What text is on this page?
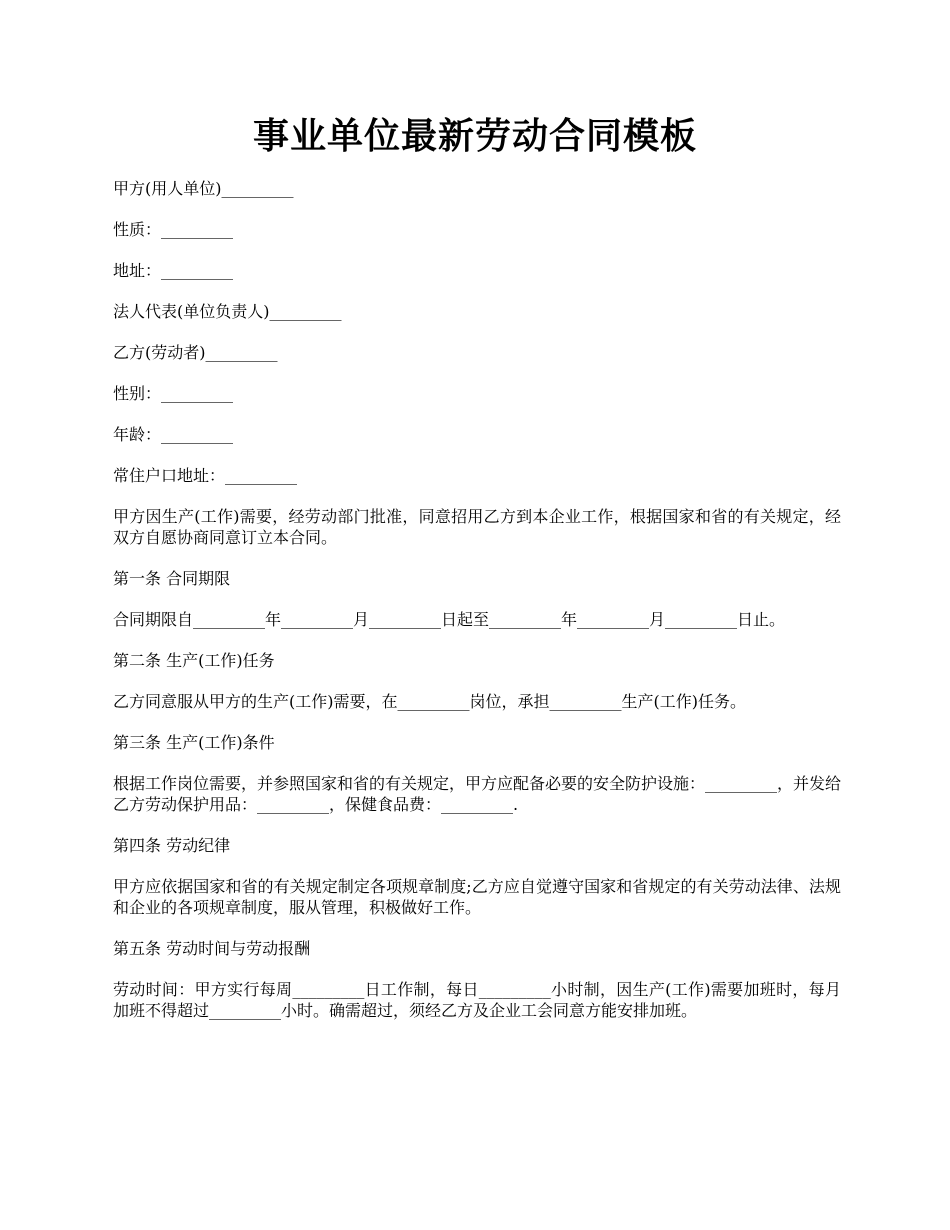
事业单位最新劳动合同模板

甲方(用人单位)_________

性质：_________

地址：_________

法人代表(单位负责人)_________

乙方(劳动者)_________

性别：_________

年龄：_________

常住户口地址：_________

甲方因生产(工作)需要，经劳动部门批准，同意招用乙方到本企业工作，根据国家和省的有关规定，经双方自愿协商同意订立本合同。

第一条 合同期限

合同期限自_________年_________月_________日起至_________年_________月_________日止。

第二条 生产(工作)任务

乙方同意服从甲方的生产(工作)需要，在_________岗位，承担_________生产(工作)任务。

第三条 生产(工作)条件

根据工作岗位需要，并参照国家和省的有关规定，甲方应配备必要的安全防护设施：_________，并发给乙方劳动保护用品：_________，保健食品费：_________.

第四条 劳动纪律

甲方应依据国家和省的有关规定制定各项规章制度;乙方应自觉遵守国家和省规定的有关劳动法律、法规和企业的各项规章制度，服从管理，积极做好工作。

第五条 劳动时间与劳动报酬

劳动时间：甲方实行每周_________日工作制，每日_________小时制，因生产(工作)需要加班时，每月加班不得超过_________小时。确需超过，须经乙方及企业工会同意方能安排加班。
